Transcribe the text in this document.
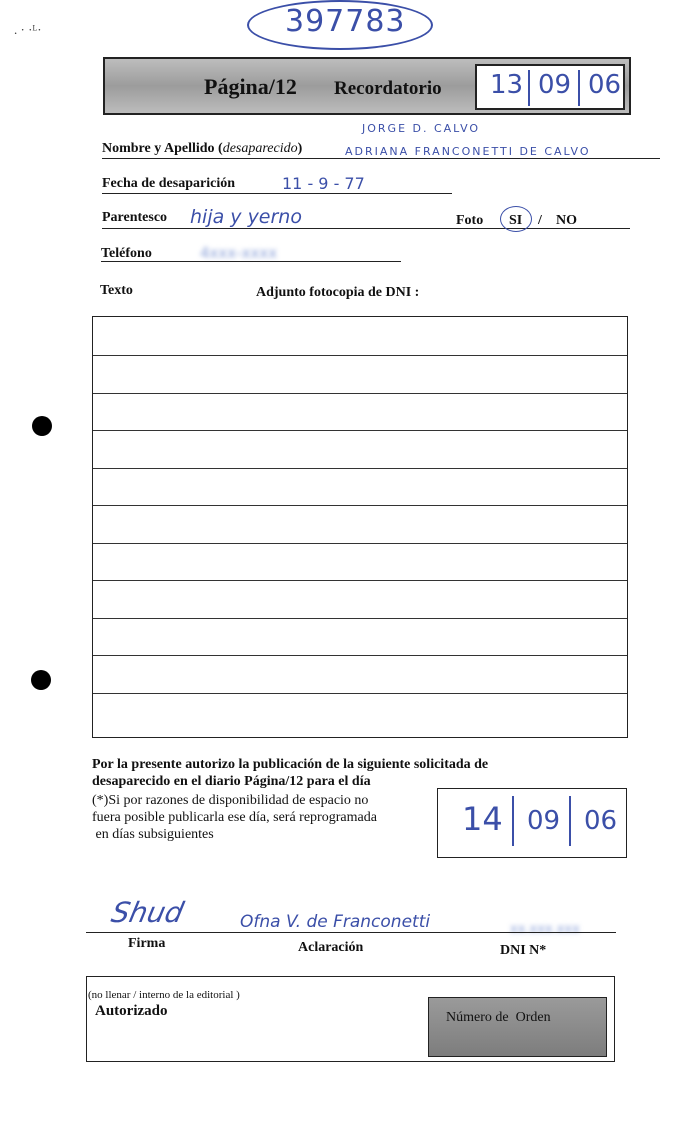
. · ·ᴸ·	397783
Página/12 Recordatorio 13 09 06
JORGE D. CALVO
Nombre y Apellido (desaparecido)	ADRIANA FRANCONETTI DE CALVO
Fecha de desaparición	11 - 9 - 77
Parentesco hija y yerno	Foto SI / NO
Teléfono	4xxx-xxxx
Texto	Adjunto fotocopia de DNI :
Por la presente autorizo la publicación de la siguiente solicitada de
desaparecido en el diario Página/12 para el día
(*)Si por razones de disponibilidad de espacio no
fuera posible publicarla ese día, será reprogramada
en días subsiguientes	14 09 06
Shud	Ofna V. de Franconetti	xx.xxx.xxx
Firma	Aclaración	DNI N*
(no llenar / interno de la editorial )
Autorizado	Número de  Orden
